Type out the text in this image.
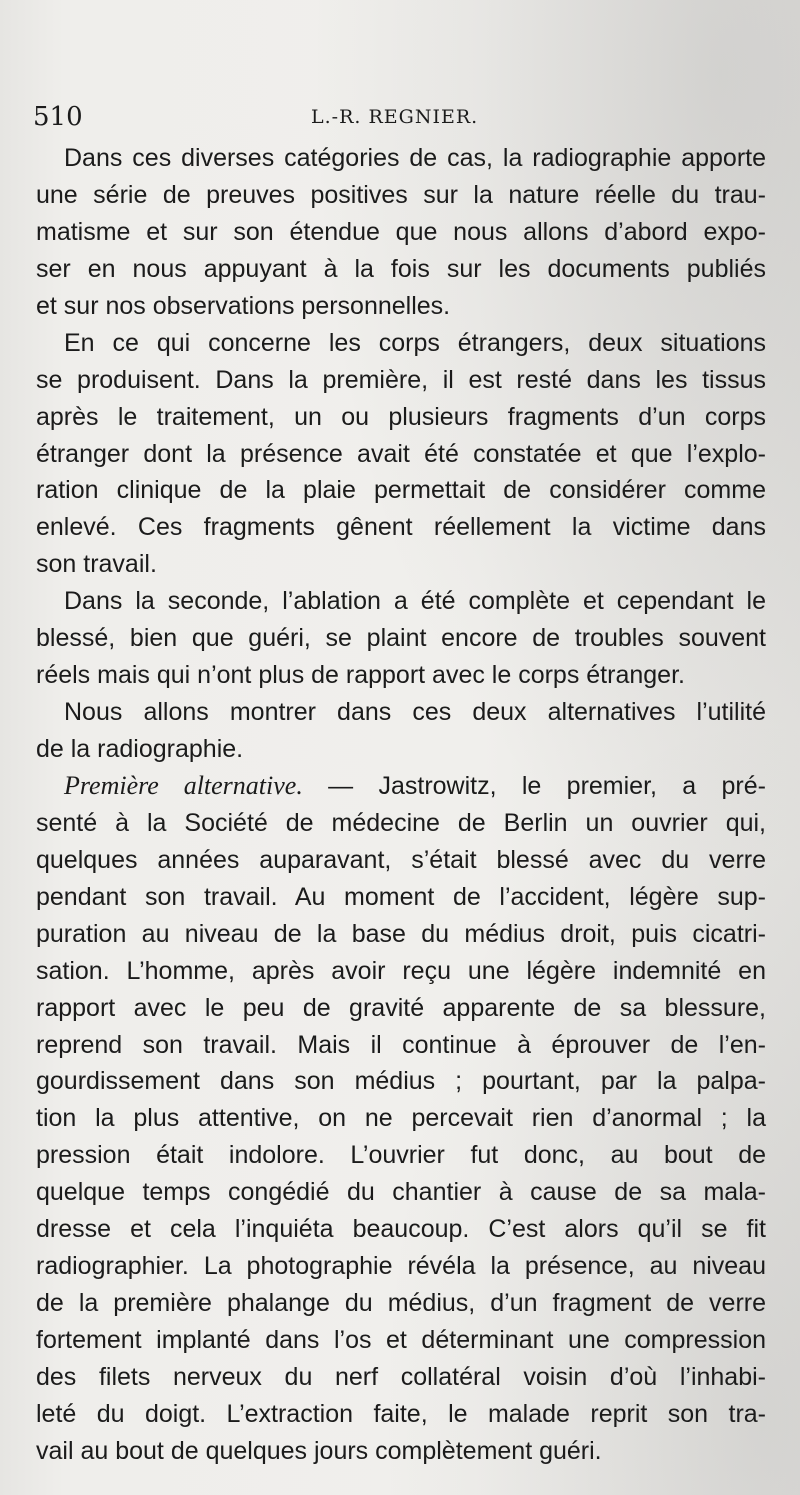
510	L.-R. REGNIER.
Dans ces diverses catégories de cas, la radiographie apporte
une série de preuves positives sur la nature réelle du trau-
matisme et sur son étendue que nous allons d’abord expo-
ser en nous appuyant à la fois sur les documents publiés
et sur nos observations personnelles.
En ce qui concerne les corps étrangers, deux situations
se produisent. Dans la première, il est resté dans les tissus
après le traitement, un ou plusieurs fragments d’un corps
étranger dont la présence avait été constatée et que l’explo-
ration clinique de la plaie permettait de considérer comme
enlevé. Ces fragments gênent réellement la victime dans
son travail.
Dans la seconde, l’ablation a été complète et cependant le
blessé, bien que guéri, se plaint encore de troubles souvent
réels mais qui n’ont plus de rapport avec le corps étranger.
Nous allons montrer dans ces deux alternatives l’utilité
de la radiographie.
Première alternative. — Jastrowitz, le premier, a pré-
senté à la Société de médecine de Berlin un ouvrier qui,
quelques années auparavant, s’était blessé avec du verre
pendant son travail. Au moment de l’accident, légère sup-
puration au niveau de la base du médius droit, puis cicatri-
sation. L’homme, après avoir reçu une légère indemnité en
rapport avec le peu de gravité apparente de sa blessure,
reprend son travail. Mais il continue à éprouver de l’en-
gourdissement dans son médius ; pourtant, par la palpa-
tion la plus attentive, on ne percevait rien d’anormal ; la
pression était indolore. L’ouvrier fut donc, au bout de
quelque temps congédié du chantier à cause de sa mala-
dresse et cela l’inquiéta beaucoup. C’est alors qu’il se fit
radiographier. La photographie révéla la présence, au niveau
de la première phalange du médius, d’un fragment de verre
fortement implanté dans l’os et déterminant une compression
des filets nerveux du nerf collatéral voisin d’où l’inhabi-
leté du doigt. L’extraction faite, le malade reprit son tra-
vail au bout de quelques jours complètement guéri.
